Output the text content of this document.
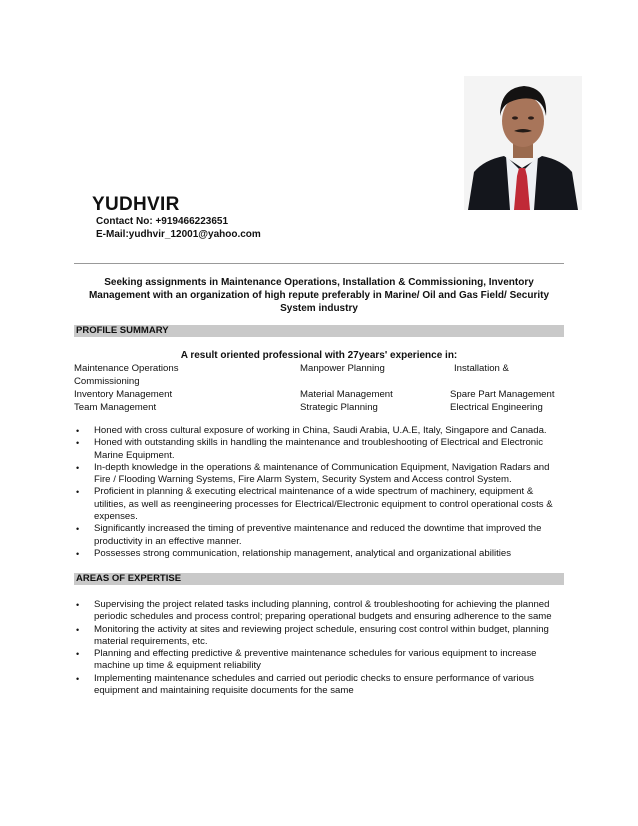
YUDHVIR
Contact No: +919466223651
E-Mail:yudhvir_12001@yahoo.com
Seeking assignments in Maintenance Operations, Installation & Commissioning, Inventory
Management with an organization of high repute preferably in Marine/ Oil and Gas Field/ Security
System industry
PROFILE SUMMARY
A result oriented professional with 27years' experience in:
Maintenance Operations	Manpower Planning	Installation &
Commissioning
Inventory Management	Material Management	Spare Part Management
Team Management	Strategic Planning	Electrical Engineering
• Honed with cross cultural exposure of working in China, Saudi Arabia, U.A.E, Italy, Singapore and Canada.
• Honed with outstanding skills in handling the maintenance and troubleshooting of Electrical and Electronic Marine Equipment.
• In-depth knowledge in the operations & maintenance of Communication Equipment, Navigation Radars and Fire / Flooding Warning Systems, Fire Alarm System, Security System and Access control System.
• Proficient in planning & executing electrical maintenance of a wide spectrum of machinery, equipment & utilities, as well as reengineering processes for Electrical/Electronic equipment to control operational costs & expenses.
• Significantly increased the timing of preventive maintenance and reduced the downtime that improved the productivity in an effective manner.
• Possesses strong communication, relationship management, analytical and organizational abilities
AREAS OF EXPERTISE
• Supervising the project related tasks including planning, control & troubleshooting for achieving the planned periodic schedules and process control; preparing operational budgets and ensuring adherence to the same
• Monitoring the activity at sites and reviewing project schedule, ensuring cost control within budget, planning material requirements, etc.
• Planning and effecting predictive & preventive maintenance schedules for various equipment to increase machine up time & equipment reliability
• Implementing maintenance schedules and carried out periodic checks to ensure performance of various equipment and maintaining requisite documents for the same
